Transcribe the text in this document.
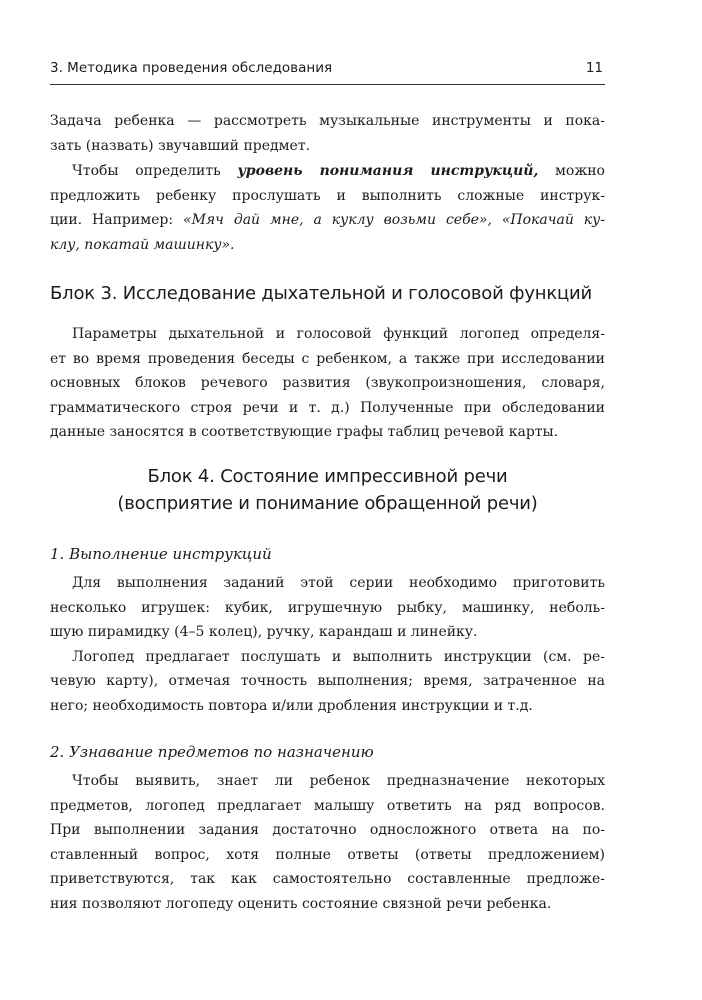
3. Методика проведения обследования	11
Задача ребенка — рассмотреть музыкальные инструменты и пока-
зать (назвать) звучавший предмет.
Чтобы определить уровень понимания инструкций, можно
предложить ребенку прослушать и выполнить сложные инструк-
ции. Например: «Мяч дай мне, а куклу возьми себе», «Покачай ку-
клу, покатай машинку».
Блок 3. Исследование дыхательной и голосовой функций
Параметры дыхательной и голосовой функций логопед определя-
ет во время проведения беседы с ребенком, а также при исследовании
основных блоков речевого развития (звукопроизношения, словаря,
грамматического строя речи и т. д.) Полученные при обследовании
данные заносятся в соответствующие графы таблиц речевой карты.
Блок 4. Состояние импрессивной речи
(восприятие и понимание обращенной речи)
1. Выполнение инструкций
Для выполнения заданий этой серии необходимо приготовить
несколько игрушек: кубик, игрушечную рыбку, машинку, неболь-
шую пирамидку (4–5 колец), ручку, карандаш и линейку.
Логопед предлагает послушать и выполнить инструкции (см. ре-
чевую карту), отмечая точность выполнения; время, затраченное на
него; необходимость повтора и/или дробления инструкции и т.д.
2. Узнавание предметов по назначению
Чтобы выявить, знает ли ребенок предназначение некоторых
предметов, логопед предлагает малышу ответить на ряд вопросов.
При выполнении задания достаточно односложного ответа на по-
ставленный вопрос, хотя полные ответы (ответы предложением)
приветствуются, так как самостоятельно составленные предложе-
ния позволяют логопеду оценить состояние связной речи ребенка.
